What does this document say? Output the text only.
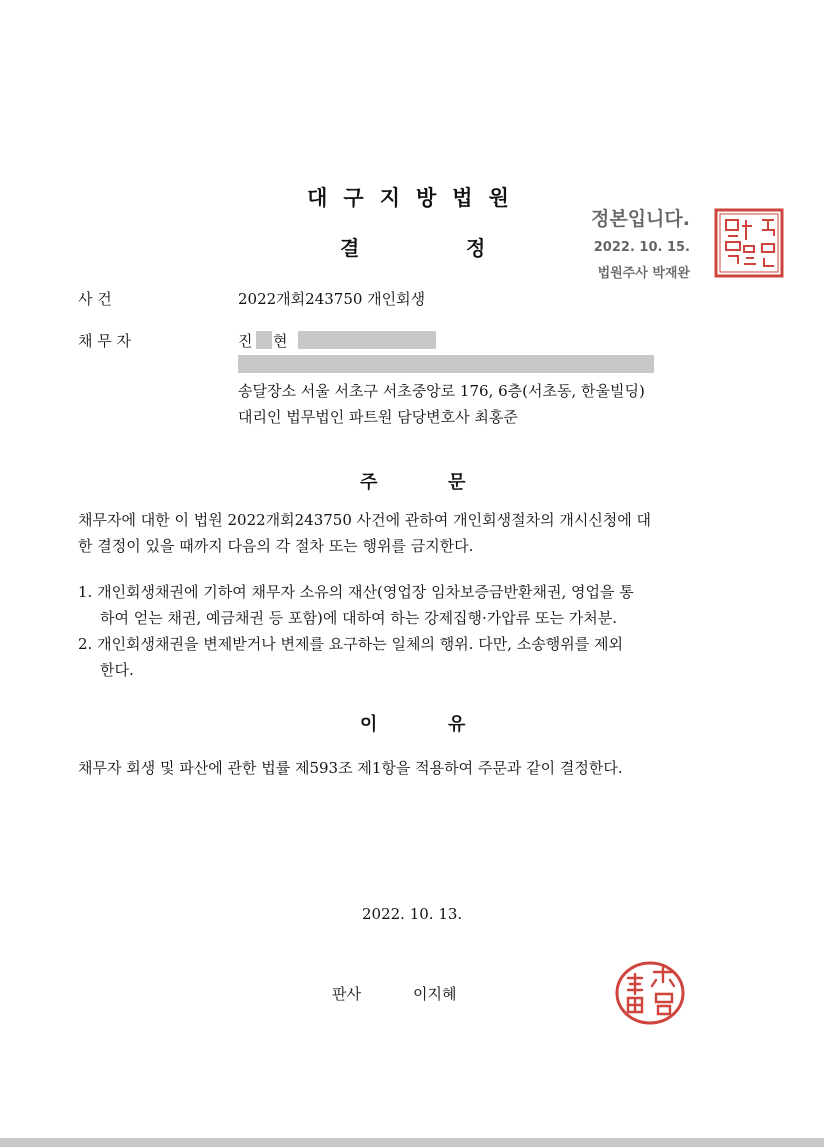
대구지방법원
결	정
정본입니다.
2022. 10. 15.
법원주사 박재완
사 건	2022개회243750 개인회생
채 무 자	진 현
송달장소 서울 서초구 서초중앙로 176, 6층(서초동, 한울빌딩)
대리인 법무법인 파트원 담당변호사 최홍준
주	문
채무자에 대한 이 법원 2022개회243750 사건에 관하여 개인회생절차의 개시신청에 대
한 결정이 있을 때까지 다음의 각 절차 또는 행위를 금지한다.
1. 개인회생채권에 기하여 채무자 소유의 재산(영업장 임차보증금반환채권, 영업을 통
하여 얻는 채권, 예금채권 등 포함)에 대하여 하는 강제집행·가압류 또는 가처분.
2. 개인회생채권을 변제받거나 변제를 요구하는 일체의 행위. 다만, 소송행위를 제외
한다.
이	유
채무자 회생 및 파산에 관한 법률 제593조 제1항을 적용하여 주문과 같이 결정한다.
2022. 10. 13.
판사	이지혜
